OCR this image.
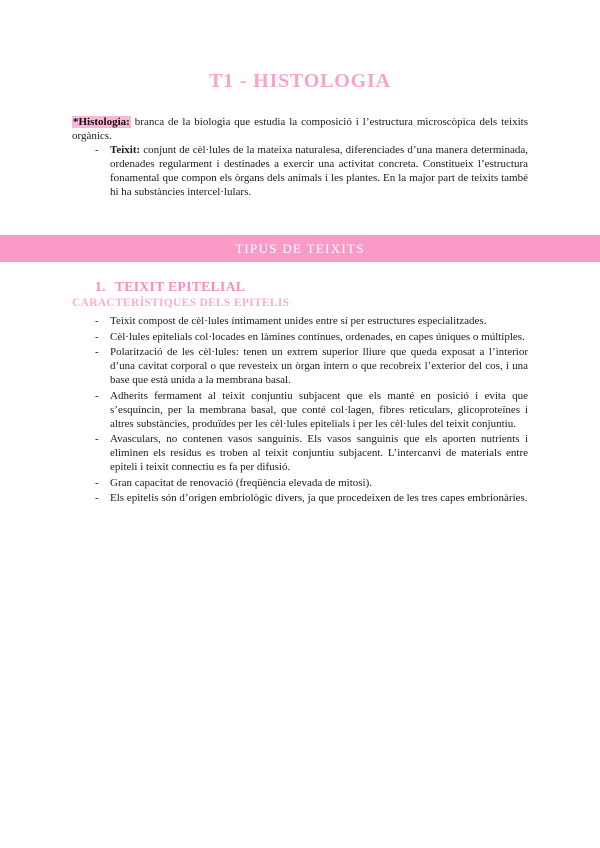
T1 - HISTOLOGIA

*Histologia: branca de la biologia que estudia la composició i l’estructura microscòpica dels teixits orgànics.

-	Teixit: conjunt de cèl·lules de la mateixa naturalesa, diferenciades d’una manera determinada, ordenades regularment i destinades a exercir una activitat concreta. Constitueix l’estructura fonamental que compon els òrgans dels animals i les plantes. En la major part de teixits també hi ha substàncies intercel·lulars.

TIPUS DE TEIXITS
1. TEIXIT EPITELIAL
CARACTERÍSTIQUES DELS EPITELIS
-	Teixit compost de cèl·lules íntimament unides entre sí per estructures especialitzades.

-	Cèl·lules epitelials col·locades en làmines contínues, ordenades, en capes úniques o múltiples.

-	Polarització de les cèl·lules: tenen un extrem superior lliure que queda exposat a l’interior d’una cavitat corporal o que revesteix un òrgan intern o que recobreix l’exterior del cos, i una base que està unida a la membrana basal.

-	Adherits fermament al teixit conjuntiu subjacent que els manté en posició i evita que s’esquincin, per la membrana basal, que conté col·lagen, fibres reticulars, glicoproteïnes i altres substàncies, produïdes per les cèl·lules epitelials i per les cèl·lules del teixit conjuntiu.

-	Avasculars, no contenen vasos sanguinis. Els vasos sanguinis que els aporten nutrients i eliminen els residus es troben al teixit conjuntiu subjacent. L’intercanvi de materials entre epiteli i teixit connectiu es fa per difusió.

-	Gran capacitat de renovació (freqüència elevada de mitosi).

-	Els epitelis són d’origen embriològic divers, ja que procedeixen de les tres capes embrionàries.
